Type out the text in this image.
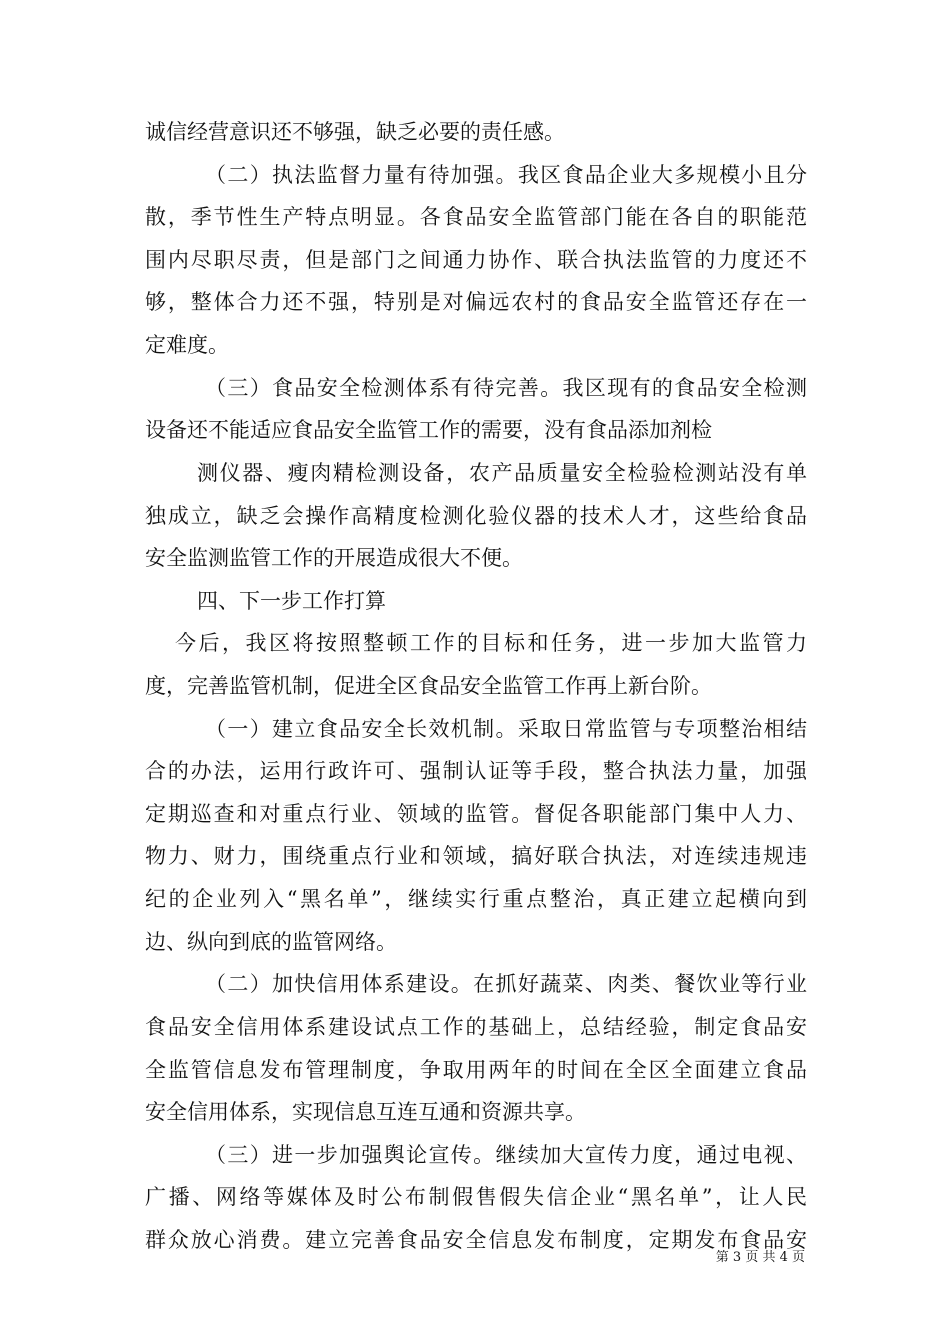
诚信经营意识还不够强，缺乏必要的责任感。
（二）执法监督力量有待加强。我区食品企业大多规模小且分
散，季节性生产特点明显。各食品安全监管部门能在各自的职能范
围内尽职尽责，但是部门之间通力协作、联合执法监管的力度还不
够，整体合力还不强，特别是对偏远农村的食品安全监管还存在一
定难度。
（三）食品安全检测体系有待完善。我区现有的食品安全检测
设备还不能适应食品安全监管工作的需要，没有食品添加剂检
测仪器、瘦肉精检测设备，农产品质量安全检验检测站没有单
独成立，缺乏会操作高精度检测化验仪器的技术人才，这些给食品
安全监测监管工作的开展造成很大不便。
四、下一步工作打算
今后，我区将按照整顿工作的目标和任务，进一步加大监管力
度，完善监管机制，促进全区食品安全监管工作再上新台阶。
（一）建立食品安全长效机制。采取日常监管与专项整治相结
合的办法，运用行政许可、强制认证等手段，整合执法力量，加强
定期巡查和对重点行业、领域的监管。督促各职能部门集中人力、
物力、财力，围绕重点行业和领域，搞好联合执法，对连续违规违
纪的企业列入“黑名单”，继续实行重点整治，真正建立起横向到
边、纵向到底的监管网络。
（二）加快信用体系建设。在抓好蔬菜、肉类、餐饮业等行业
食品安全信用体系建设试点工作的基础上，总结经验，制定食品安
全监管信息发布管理制度，争取用两年的时间在全区全面建立食品
安全信用体系，实现信息互连互通和资源共享。
（三）进一步加强舆论宣传。继续加大宣传力度，通过电视、
广播、网络等媒体及时公布制假售假失信企业“黑名单”，让人民
群众放心消费。建立完善食品安全信息发布制度，定期发布食品安
第 3 页 共 4 页
